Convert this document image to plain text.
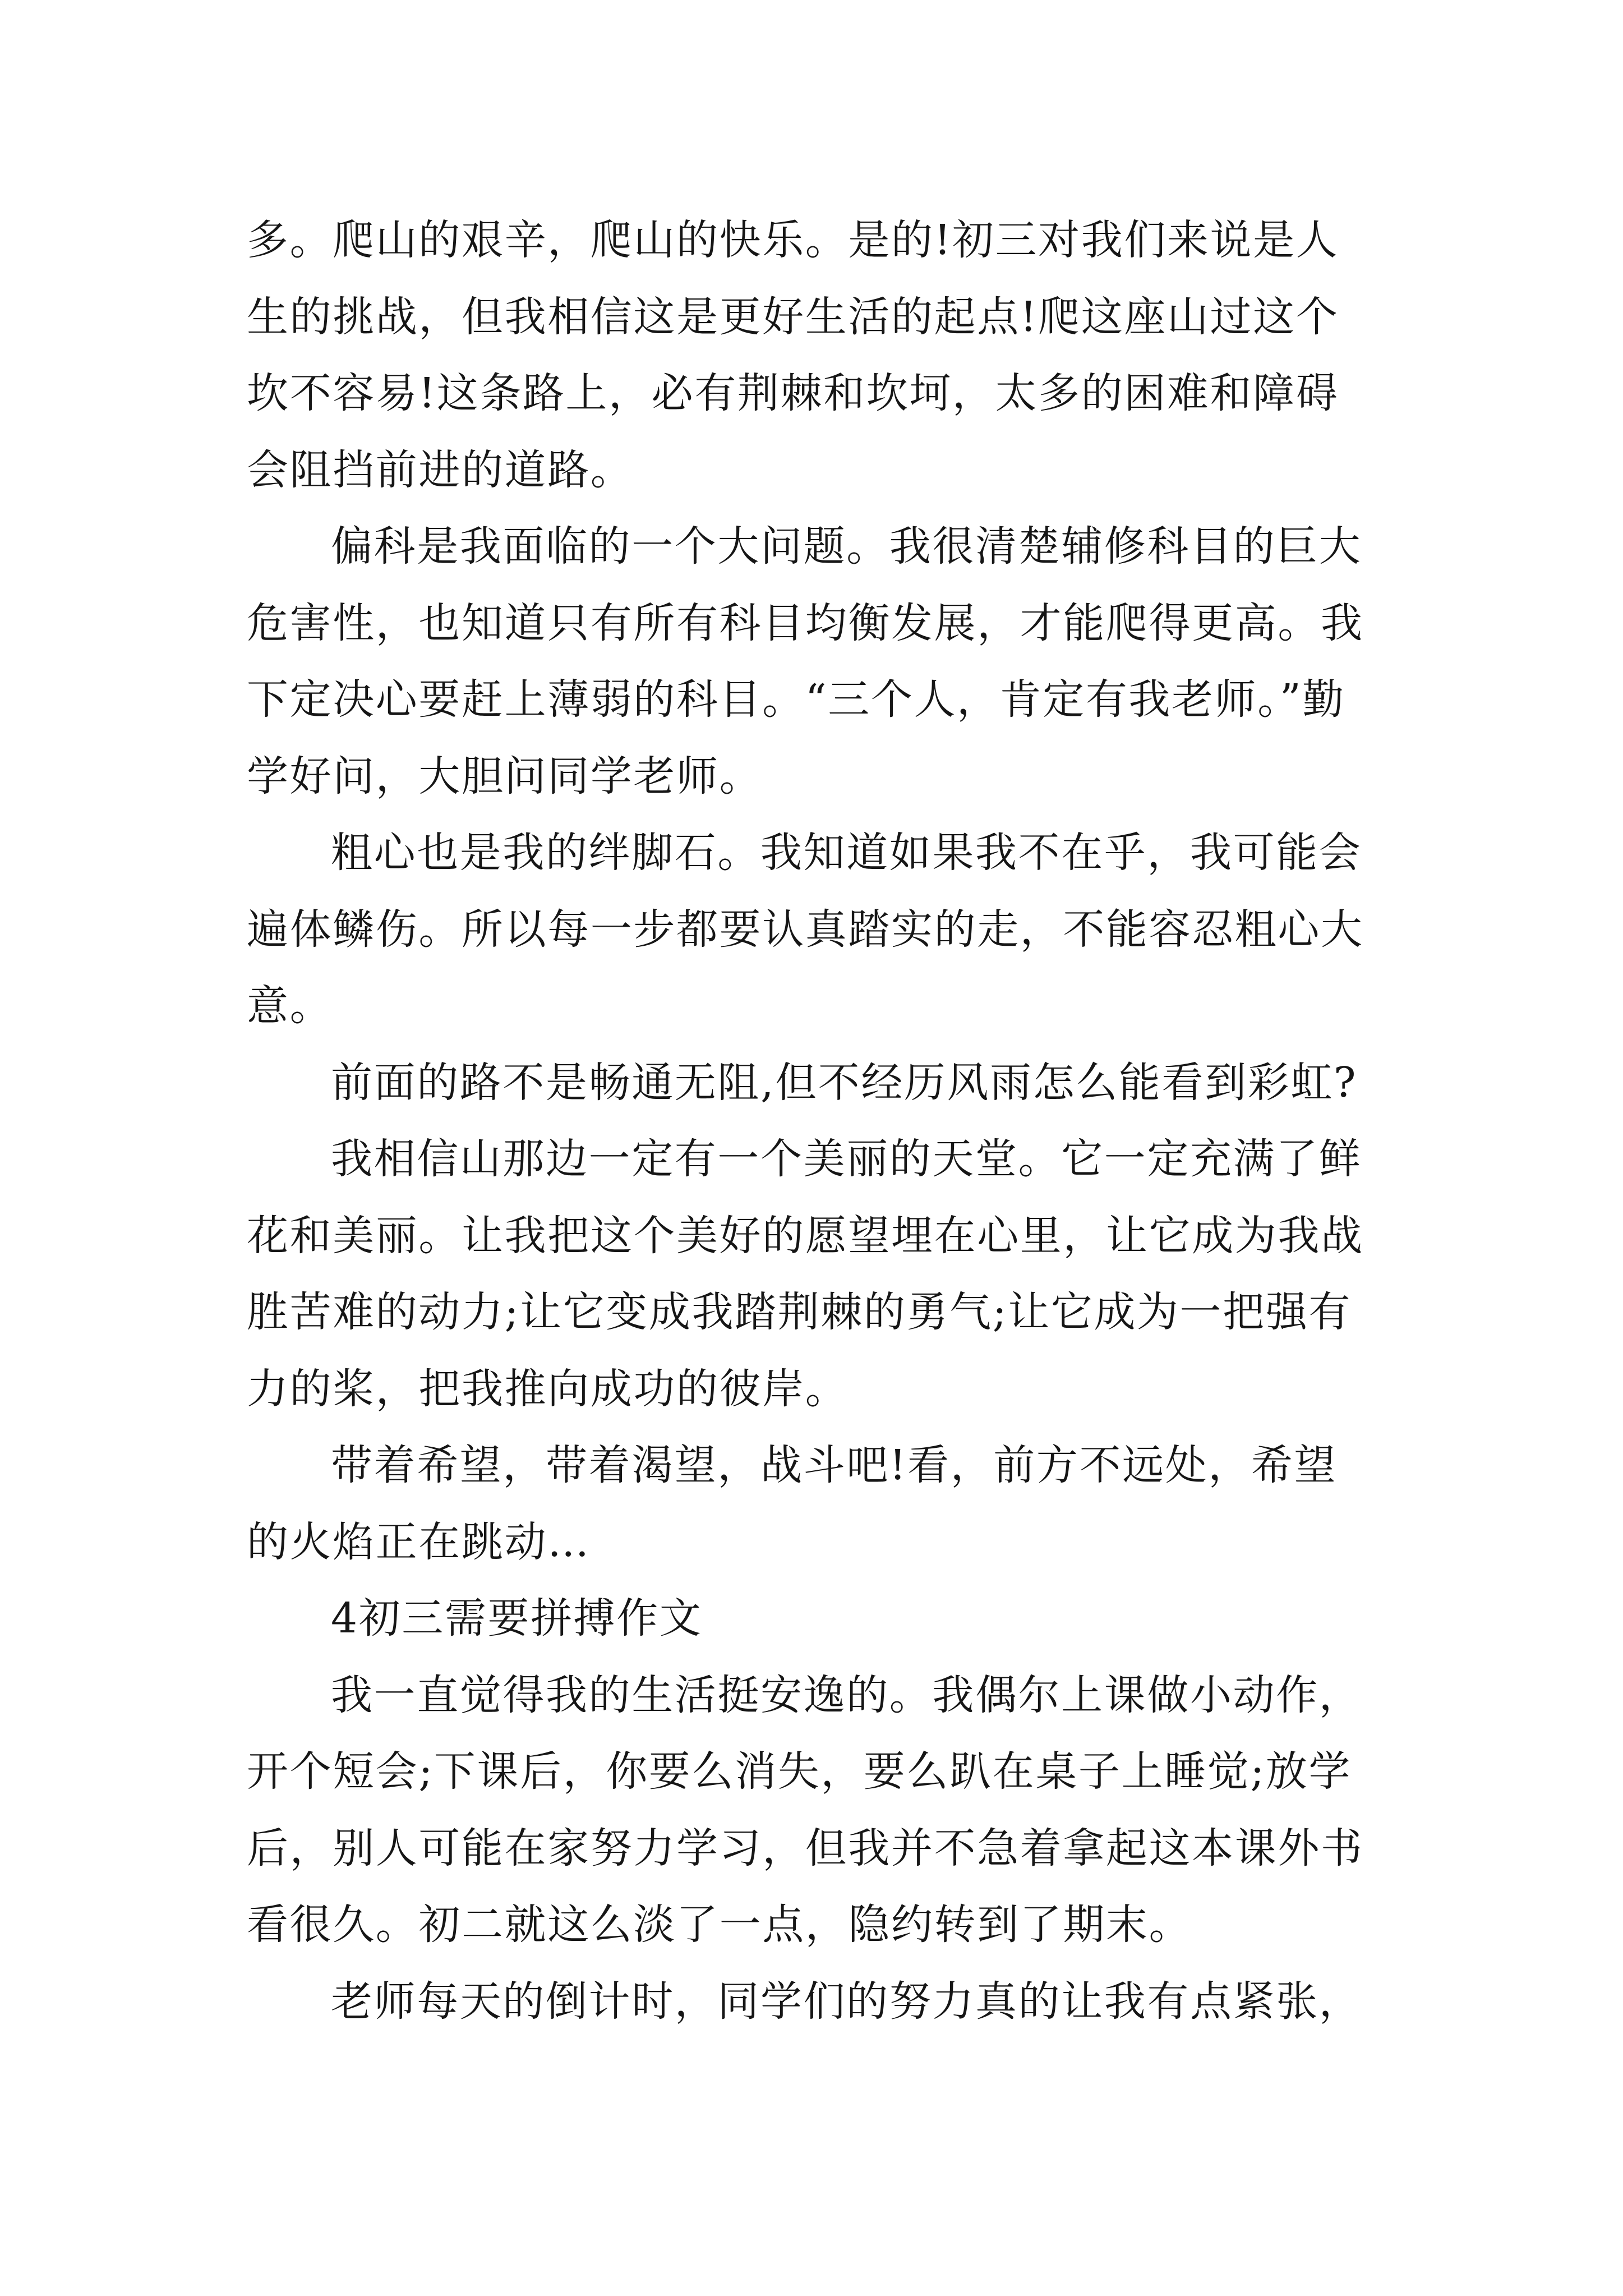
多。爬山的艰辛，爬山的快乐。是的!初三对我们来说是人
生的挑战，但我相信这是更好生活的起点!爬这座山过这个
坎不容易!这条路上，必有荆棘和坎坷，太多的困难和障碍
会阻挡前进的道路。
偏科是我面临的一个大问题。我很清楚辅修科目的巨大
危害性，也知道只有所有科目均衡发展，才能爬得更高。我
下定决心要赶上薄弱的科目。“三个人，肯定有我老师。”勤
学好问，大胆问同学老师。
粗心也是我的绊脚石。我知道如果我不在乎，我可能会
遍体鳞伤。所以每一步都要认真踏实的走，不能容忍粗心大
意。
前面的路不是畅通无阻,但不经历风雨怎么能看到彩虹?
我相信山那边一定有一个美丽的天堂。它一定充满了鲜
花和美丽。让我把这个美好的愿望埋在心里，让它成为我战
胜苦难的动力;让它变成我踏荆棘的勇气;让它成为一把强有
力的桨，把我推向成功的彼岸。
带着希望，带着渴望，战斗吧!看，前方不远处，希望
的火焰正在跳动…
4初三需要拼搏作文
我一直觉得我的生活挺安逸的。我偶尔上课做小动作，
开个短会;下课后，你要么消失，要么趴在桌子上睡觉;放学
后，别人可能在家努力学习，但我并不急着拿起这本课外书
看很久。初二就这么淡了一点，隐约转到了期末。
老师每天的倒计时，同学们的努力真的让我有点紧张，
